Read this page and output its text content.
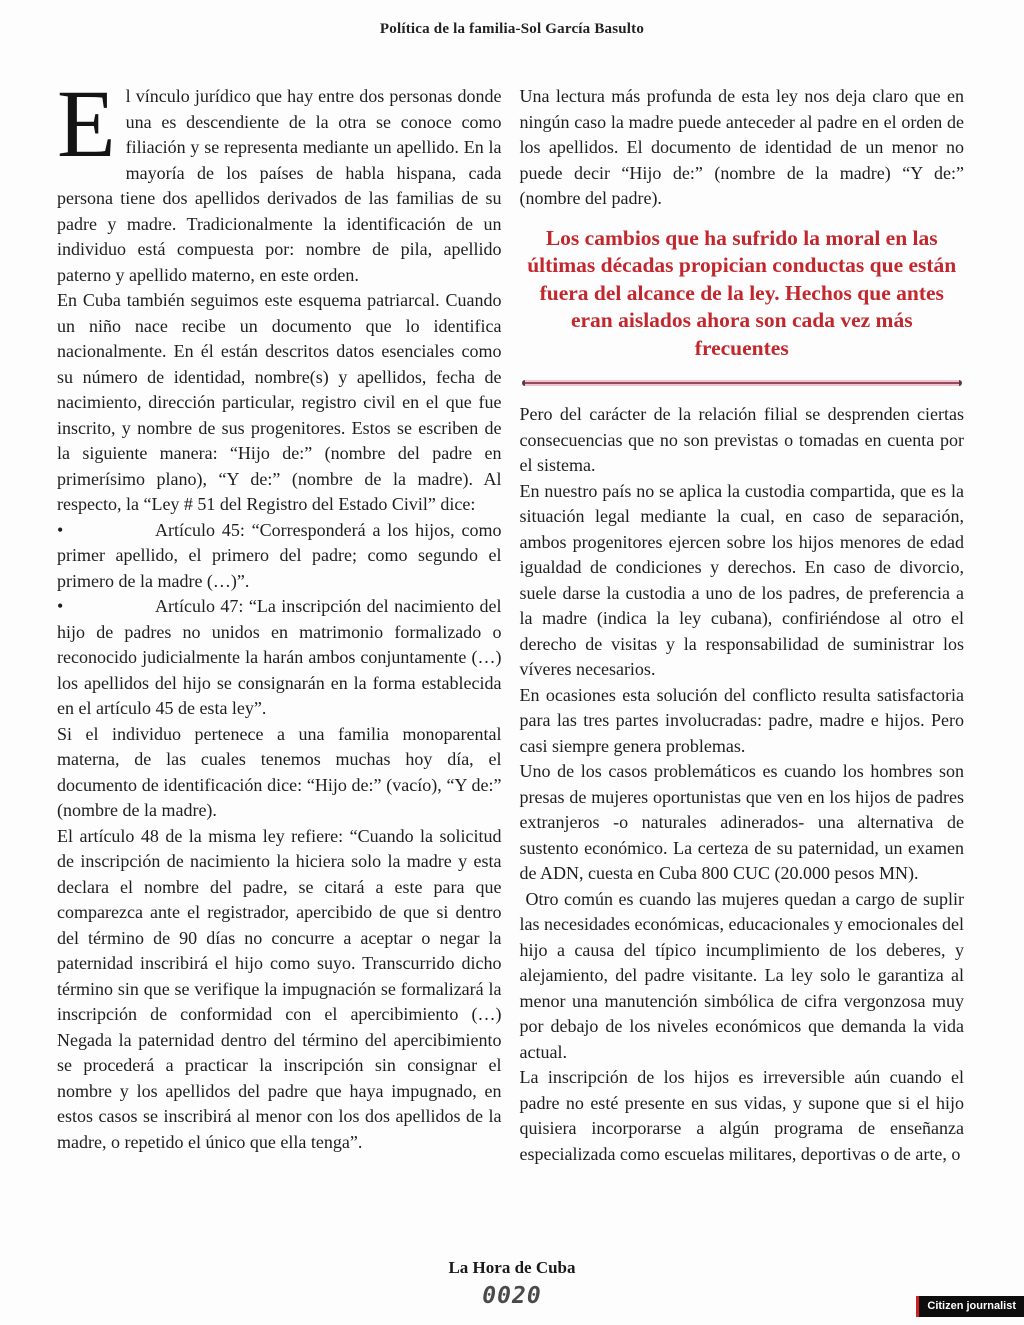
Política de la familia-Sol García Basulto

El vínculo jurídico que hay entre dos personas donde una es descendiente de la otra se conoce como filiación y se representa mediante un apellido. En la mayoría de los países de habla hispana, cada persona tiene dos apellidos derivados de las familias de su padre y madre. Tradicionalmente la identificación de un individuo está compuesta por: nombre de pila, apellido paterno y apellido materno, en este orden.

En Cuba también seguimos este esquema patriarcal. Cuando un niño nace recibe un documento que lo identifica nacionalmente. En él están descritos datos esenciales como su número de identidad, nombre(s) y apellidos, fecha de nacimiento, dirección particular, registro civil en el que fue inscrito, y nombre de sus progenitores. Estos se escriben de la siguiente manera: “Hijo de:” (nombre del padre en primerísimo plano), “Y de:” (nombre de la madre). Al respecto, la “Ley # 51 del Registro del Estado Civil” dice:

•	Artículo 45: “Corresponderá a los hijos, como primer apellido, el primero del padre; como segundo el primero de la madre (…)”.

•	Artículo 47: “La inscripción del nacimiento del hijo de padres no unidos en matrimonio formalizado o reconocido judicialmente la harán ambos conjuntamente (…) los apellidos del hijo se consignarán en la forma establecida en el artículo 45 de esta ley”.

Si el individuo pertenece a una familia monoparental materna, de las cuales tenemos muchas hoy día, el documento de identificación dice: “Hijo de:” (vacío), “Y de:” (nombre de la madre).

El artículo 48 de la misma ley refiere: “Cuando la solicitud de inscripción de nacimiento la hiciera solo la madre y esta declara el nombre del padre, se citará a este para que comparezca ante el registrador, apercibido de que si dentro del término de 90 días no concurre a aceptar o negar la paternidad inscribirá el hijo como suyo. Transcurrido dicho término sin que se verifique la impugnación se formalizará la inscripción de conformidad con el apercibimiento (…) Negada la paternidad dentro del término del apercibimiento se procederá a practicar la inscripción sin consignar el nombre y los apellidos del padre que haya impugnado, en estos casos se inscribirá al menor con los dos apellidos de la madre, o repetido el único que ella tenga”.

Una lectura más profunda de esta ley nos deja claro que en ningún caso la madre puede anteceder al padre en el orden de los apellidos. El documento de identidad de un menor no puede decir “Hijo de:” (nombre de la madre) “Y de:” (nombre del padre).

Los cambios que ha sufrido la moral en las últimas décadas propician conductas que están fuera del alcance de la ley. Hechos que antes eran aislados ahora son cada vez más frecuentes

Pero del carácter de la relación filial se desprenden ciertas consecuencias que no son previstas o tomadas en cuenta por el sistema.

En nuestro país no se aplica la custodia compartida, que es la situación legal mediante la cual, en caso de separación, ambos progenitores ejercen sobre los hijos menores de edad igualdad de condiciones y derechos. En caso de divorcio, suele darse la custodia a uno de los padres, de preferencia a la madre (indica la ley cubana), confiriéndose al otro el derecho de visitas y la responsabilidad de suministrar los víveres necesarios.

En ocasiones esta solución del conflicto resulta satisfactoria para las tres partes involucradas: padre, madre e hijos. Pero casi siempre genera problemas.

Uno de los casos problemáticos es cuando los hombres son presas de mujeres oportunistas que ven en los hijos de padres extranjeros -o naturales adinerados- una alternativa de sustento económico. La certeza de su paternidad, un examen de ADN, cuesta en Cuba 800 CUC (20.000 pesos MN).

Otro común es cuando las mujeres quedan a cargo de suplir las necesidades económicas, educacionales y emocionales del hijo a causa del típico incumplimiento de los deberes, y alejamiento, del padre visitante. La ley solo le garantiza al menor una manutención simbólica de cifra vergonzosa muy por debajo de los niveles económicos que demanda la vida actual.

La inscripción de los hijos es irreversible aún cuando el padre no esté presente en sus vidas, y supone que si el hijo quisiera incorporarse a algún programa de enseñanza especializada como escuelas militares, deportivas o de arte, o

La Hora de Cuba
0020	Citizen journalist
